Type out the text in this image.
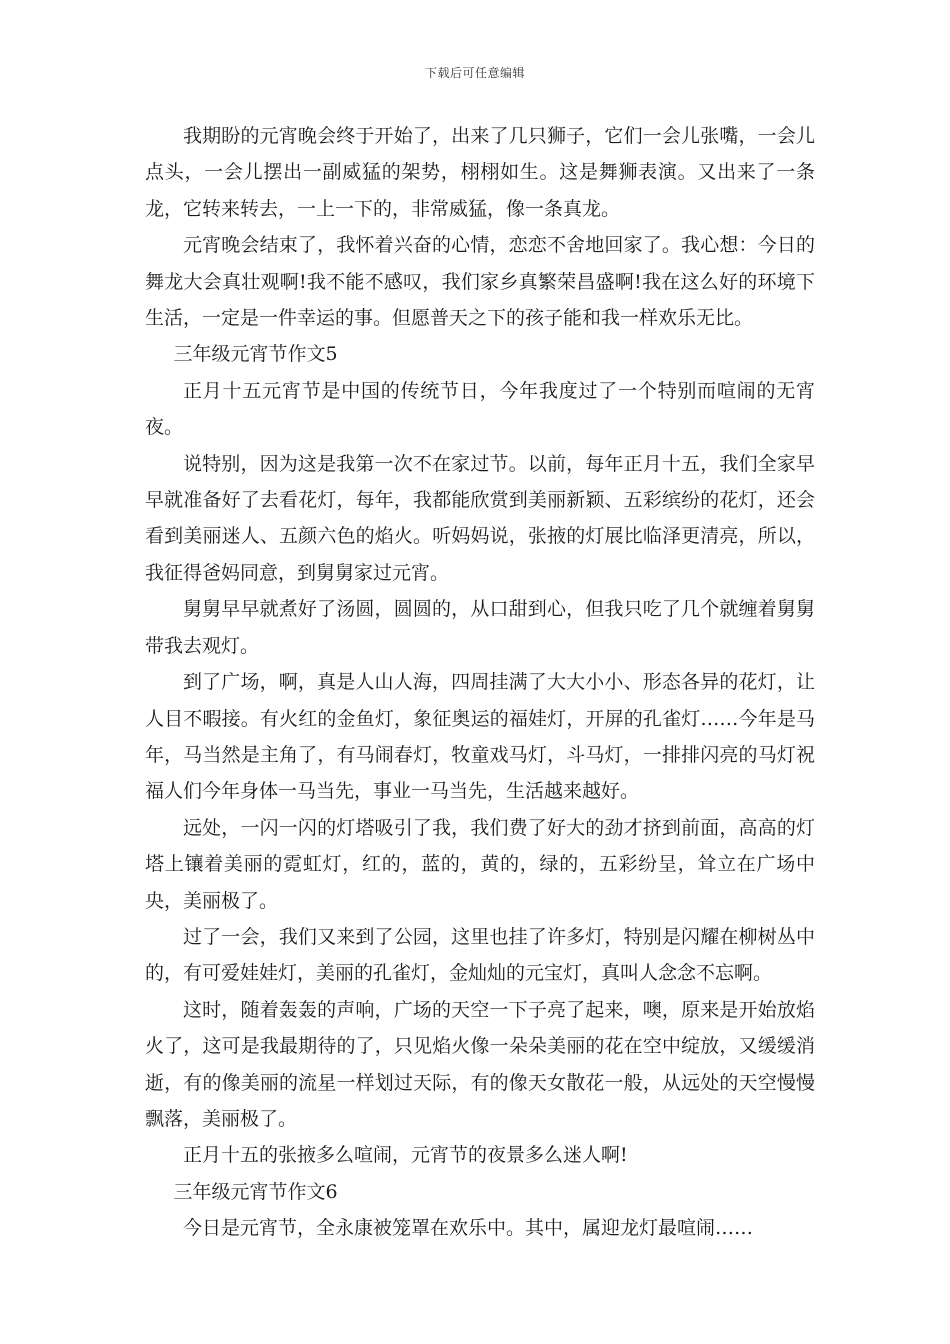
下载后可任意编辑

我期盼的元宵晚会终于开始了，出来了几只狮子，它们一会儿张嘴，一会儿点头，一会儿摆出一副威猛的架势，栩栩如生。这是舞狮表演。又出来了一条龙，它转来转去，一上一下的，非常威猛，像一条真龙。

元宵晚会结束了，我怀着兴奋的心情，恋恋不舍地回家了。我心想：今日的舞龙大会真壮观啊!我不能不感叹，我们家乡真繁荣昌盛啊!我在这么好的环境下生活，一定是一件幸运的事。但愿普天之下的孩子能和我一样欢乐无比。

三年级元宵节作文5

正月十五元宵节是中国的传统节日，今年我度过了一个特别而喧闹的无宵夜。

说特别，因为这是我第一次不在家过节。以前，每年正月十五，我们全家早早就准备好了去看花灯，每年，我都能欣赏到美丽新颖、五彩缤纷的花灯，还会看到美丽迷人、五颜六色的焰火。听妈妈说，张掖的灯展比临泽更清亮，所以，我征得爸妈同意，到舅舅家过元宵。

舅舅早早就煮好了汤圆，圆圆的，从口甜到心，但我只吃了几个就缠着舅舅带我去观灯。

到了广场，啊，真是人山人海，四周挂满了大大小小、形态各异的花灯，让人目不暇接。有火红的金鱼灯，象征奥运的福娃灯，开屏的孔雀灯……今年是马年，马当然是主角了，有马闹春灯，牧童戏马灯，斗马灯，一排排闪亮的马灯祝福人们今年身体一马当先，事业一马当先，生活越来越好。

远处，一闪一闪的灯塔吸引了我，我们费了好大的劲才挤到前面，高高的灯塔上镶着美丽的霓虹灯，红的，蓝的，黄的，绿的，五彩纷呈，耸立在广场中央，美丽极了。

过了一会，我们又来到了公园，这里也挂了许多灯，特别是闪耀在柳树丛中的，有可爱娃娃灯，美丽的孔雀灯，金灿灿的元宝灯，真叫人念念不忘啊。

这时，随着轰轰的声响，广场的天空一下子亮了起来，噢，原来是开始放焰火了，这可是我最期待的了，只见焰火像一朵朵美丽的花在空中绽放，又缓缓消逝，有的像美丽的流星一样划过天际，有的像天女散花一般，从远处的天空慢慢飘落，美丽极了。

正月十五的张掖多么喧闹，元宵节的夜景多么迷人啊!

三年级元宵节作文6

今日是元宵节，全永康被笼罩在欢乐中。其中，属迎龙灯最喧闹……
